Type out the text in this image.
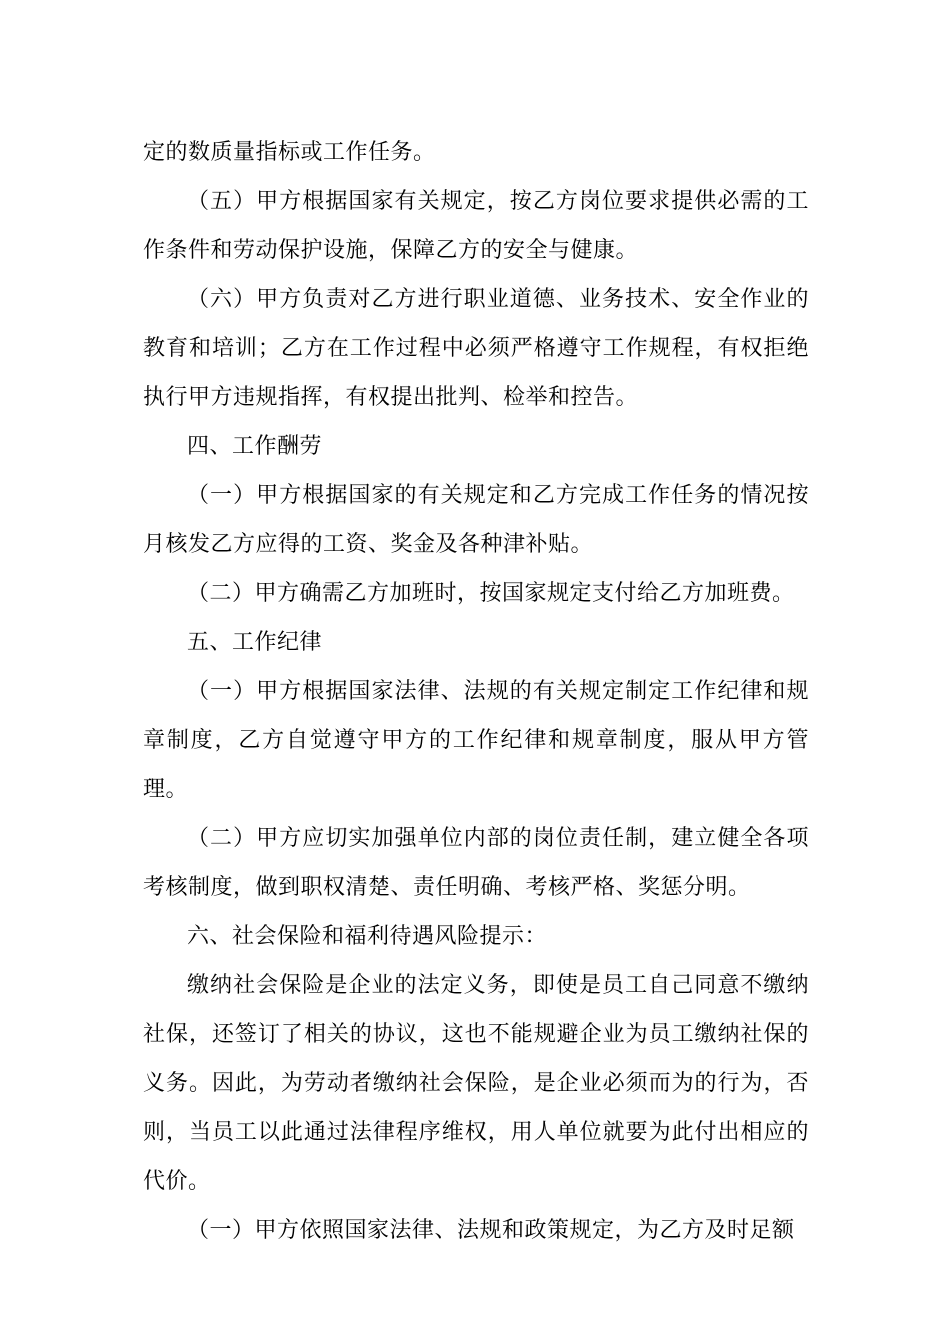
定的数质量指标或工作任务。

（五）甲方根据国家有关规定，按乙方岗位要求提供必需的工作条件和劳动保护设施，保障乙方的安全与健康。

（六）甲方负责对乙方进行职业道德、业务技术、安全作业的教育和培训；乙方在工作过程中必须严格遵守工作规程，有权拒绝执行甲方违规指挥，有权提出批判、检举和控告。

四、工作酬劳

（一）甲方根据国家的有关规定和乙方完成工作任务的情况按月核发乙方应得的工资、奖金及各种津补贴。

（二）甲方确需乙方加班时，按国家规定支付给乙方加班费。

五、工作纪律

（一）甲方根据国家法律、法规的有关规定制定工作纪律和规章制度，乙方自觉遵守甲方的工作纪律和规章制度，服从甲方管理。

（二）甲方应切实加强单位内部的岗位责任制，建立健全各项考核制度，做到职权清楚、责任明确、考核严格、奖惩分明。

六、社会保险和福利待遇风险提示：

缴纳社会保险是企业的法定义务，即使是员工自己同意不缴纳社保，还签订了相关的协议，这也不能规避企业为员工缴纳社保的义务。因此，为劳动者缴纳社会保险，是企业必须而为的行为，否则，当员工以此通过法律程序维权，用人单位就要为此付出相应的代价。

（一）甲方依照国家法律、法规和政策规定，为乙方及时足额
